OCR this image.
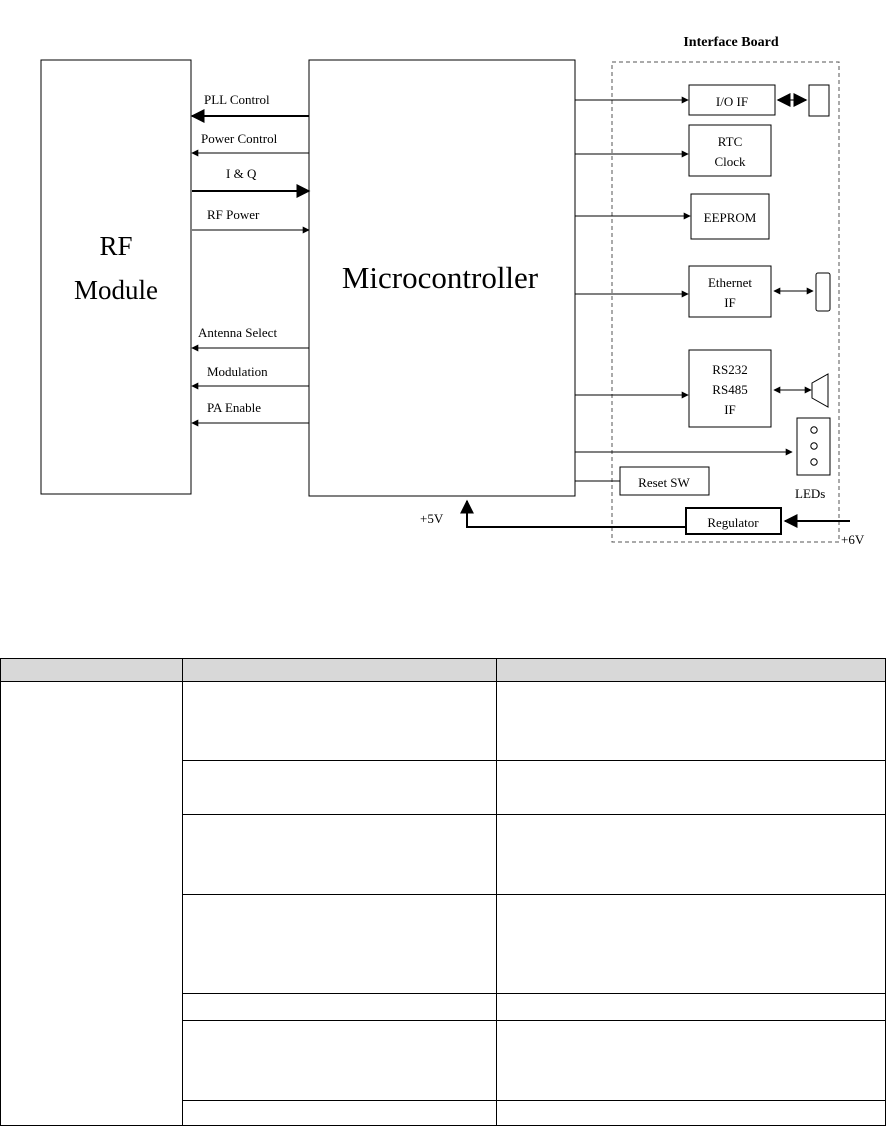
Interface Board
RF
Module	Microcontroller
PLL Control
Power Control
I & Q
RF Power
Antenna Select
Modulation
PA Enable
I/O IF
RTC
Clock
EEPROM
Ethernet
IF
RS232
RS485
IF
LEDs
Reset SW
Regulator
+5V
+6V
